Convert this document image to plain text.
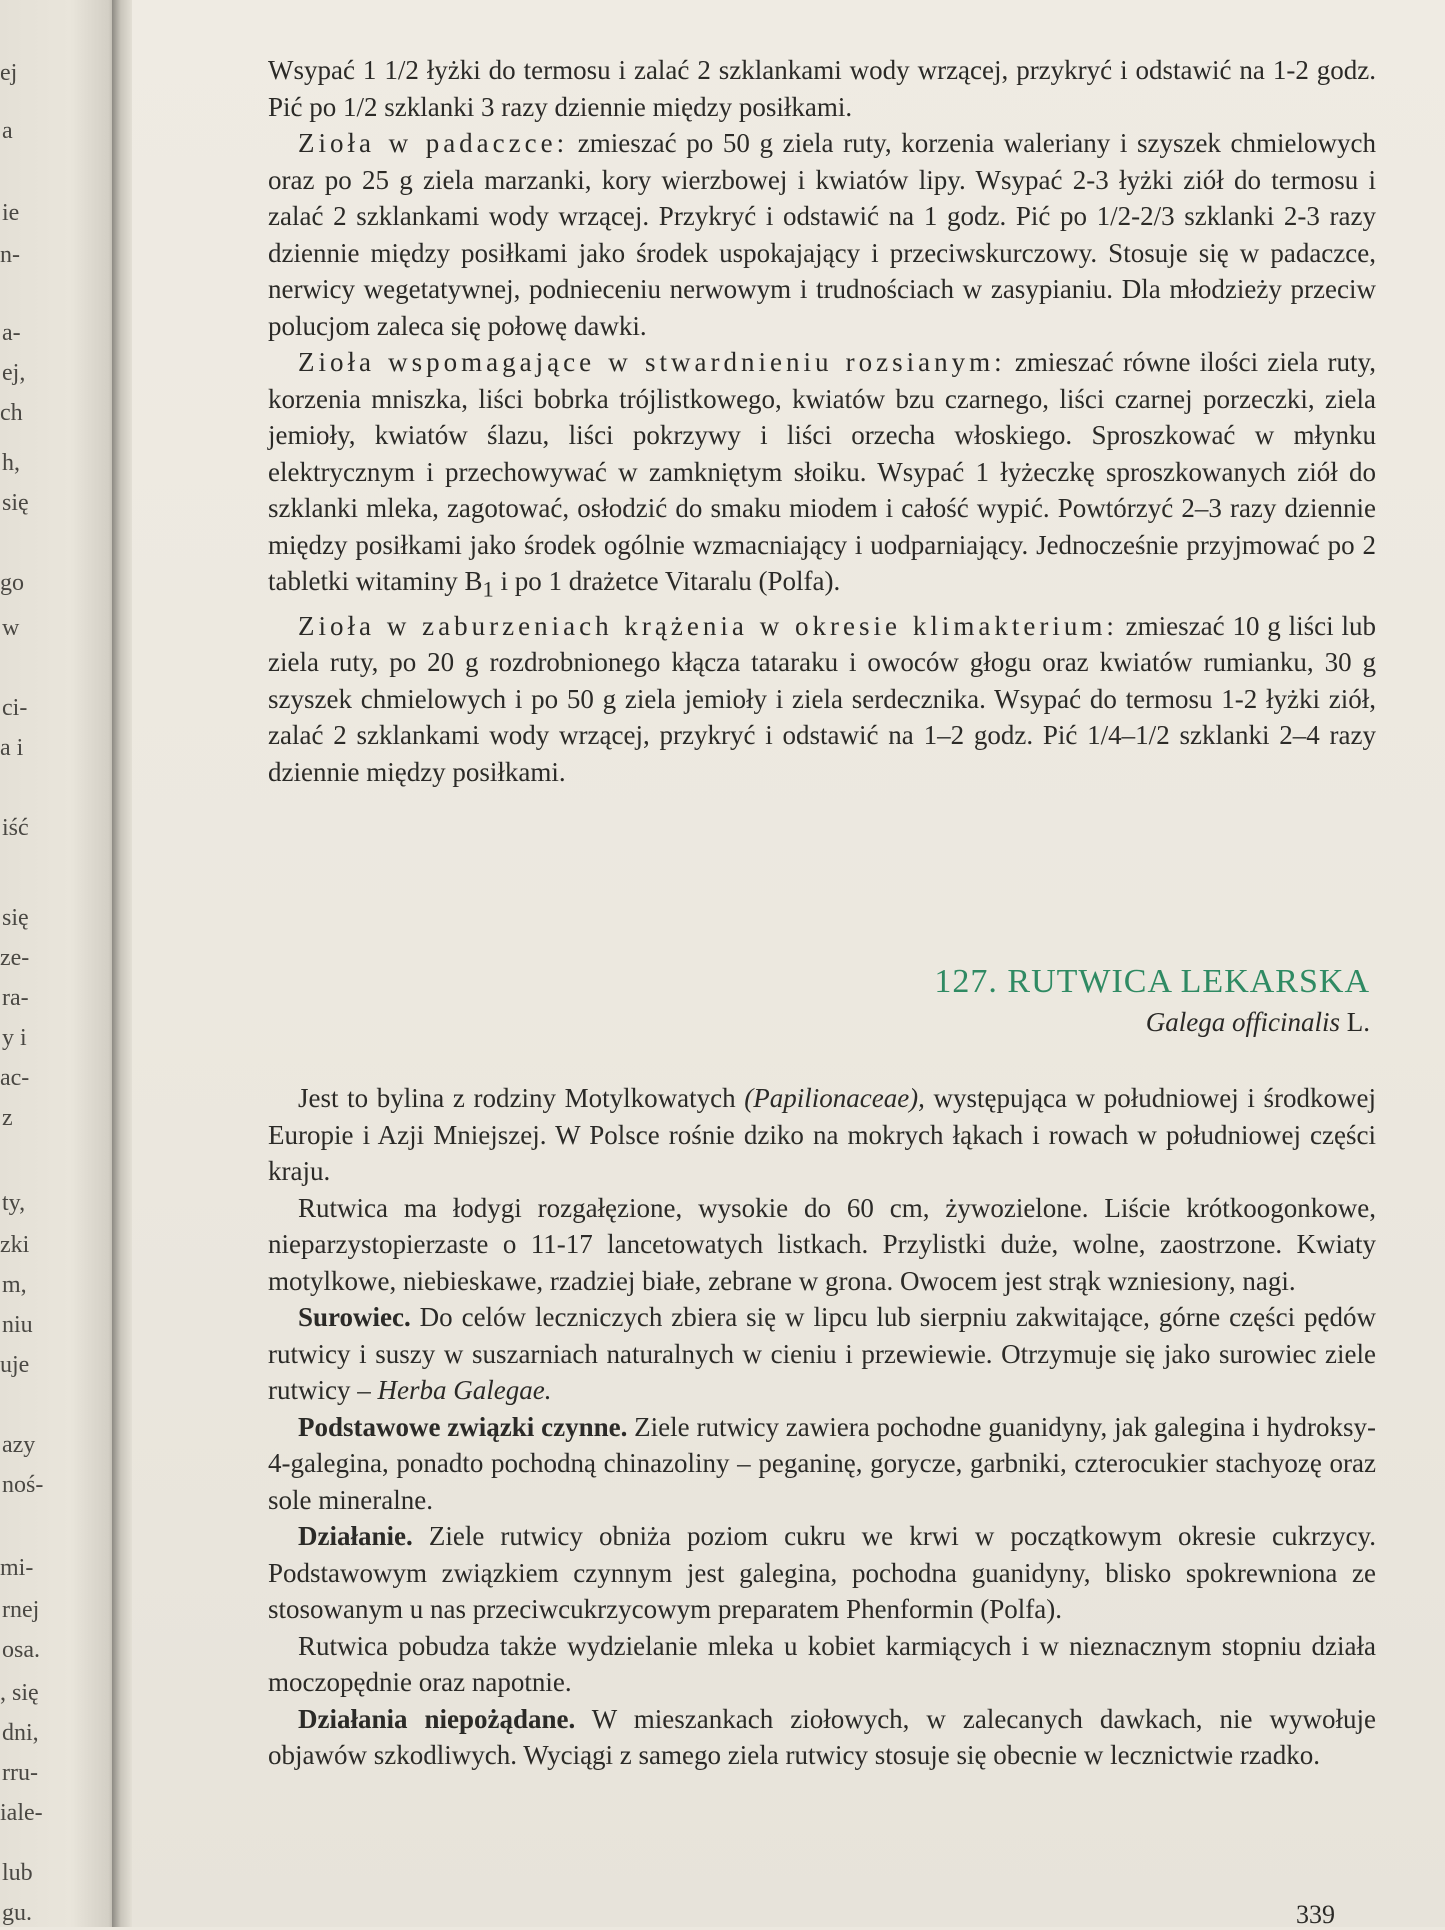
ej
a
ie
n-
a-
ej,
ch
h,
się
go
w
ci-
a i
iść
się
ze-
ra-
y i
ac-
z
ty,
zki
m,
niu
uje
azy
noś-
mi-
rnej
osa.
, się
dni,
rru-
iale-
lub
gu.

Wsypać 1 1/2 łyżki do termosu i zalać 2 szklankami wody wrzącej, przykryć i odstawić na 1-2 godz. Pić po 1/2 szklanki 3 razy dziennie między posiłkami.

Zioła w padaczce: zmieszać po 50 g ziela ruty, korzenia waleriany i szyszek chmielowych oraz po 25 g ziela marzanki, kory wierzbowej i kwiatów lipy. Wsypać 2-3 łyżki ziół do termosu i zalać 2 szklankami wody wrzącej. Przykryć i odstawić na 1 godz. Pić po 1/2-2/3 szklanki 2-3 razy dziennie między posiłkami jako środek uspokajający i przeciwskurczowy. Stosuje się w padaczce, nerwicy wegetatywnej, podnieceniu nerwowym i trudnościach w zasypianiu. Dla młodzieży przeciw polucjom zaleca się połowę dawki.

Zioła wspomagające w stwardnieniu rozsianym: zmieszać równe ilości ziela ruty, korzenia mniszka, liści bobrka trójlistkowego, kwiatów bzu czarnego, liści czarnej porzeczki, ziela jemioły, kwiatów ślazu, liści pokrzywy i liści orzecha włoskiego. Sproszkować w młynku elektrycznym i przechowywać w zamkniętym słoiku. Wsypać 1 łyżeczkę sproszkowanych ziół do szklanki mleka, zagotować, osłodzić do smaku miodem i całość wypić. Powtórzyć 2–3 razy dziennie między posiłkami jako środek ogólnie wzmacniający i uodparniający. Jednocześnie przyjmować po 2 tabletki witaminy $B_1$ i po 1 drażetce Vitaralu (Polfa).

Zioła w zaburzeniach krążenia w okresie klimakterium: zmieszać 10 g liści lub ziela ruty, po 20 g rozdrobnionego kłącza tataraku i owoców głogu oraz kwiatów rumianku, 30 g szyszek chmielowych i po 50 g ziela jemioły i ziela serdecznika. Wsypać do termosu 1-2 łyżki ziół, zalać 2 szklankami wody wrzącej, przykryć i odstawić na 1–2 godz. Pić 1/4–1/2 szklanki 2–4 razy dziennie między posiłkami.

127. RUTWICA LEKARSKA
Galega officinalis L.

Jest to bylina z rodziny Motylkowatych (Papilionaceae), występująca w południowej i środkowej Europie i Azji Mniejszej. W Polsce rośnie dziko na mokrych łąkach i rowach w południowej części kraju.

Rutwica ma łodygi rozgałęzione, wysokie do 60 cm, żywozielone. Liście krótkoogonkowe, nieparzystopierzaste o 11-17 lancetowatych listkach. Przylistki duże, wolne, zaostrzone. Kwiaty motylkowe, niebieskawe, rzadziej białe, zebrane w grona. Owocem jest strąk wzniesiony, nagi.

Surowiec. Do celów leczniczych zbiera się w lipcu lub sierpniu zakwitające, górne części pędów rutwicy i suszy w suszarniach naturalnych w cieniu i przewiewie. Otrzymuje się jako surowiec ziele rutwicy – Herba Galegae.

Podstawowe związki czynne. Ziele rutwicy zawiera pochodne guanidyny, jak galegina i hydroksy-4-galegina, ponadto pochodną chinazoliny – peganinę, gorycze, garbniki, czterocukier stachyozę oraz sole mineralne.

Działanie. Ziele rutwicy obniża poziom cukru we krwi w początkowym okresie cukrzycy. Podstawowym związkiem czynnym jest galegina, pochodna guanidyny, blisko spokrewniona ze stosowanym u nas przeciwcukrzycowym preparatem Phenformin (Polfa).

Rutwica pobudza także wydzielanie mleka u kobiet karmiących i w nieznacznym stopniu działa moczopędnie oraz napotnie.

Działania niepożądane. W mieszankach ziołowych, w zalecanych dawkach, nie wywołuje objawów szkodliwych. Wyciągi z samego ziela rutwicy stosuje się obecnie w lecznictwie rzadko.

339
